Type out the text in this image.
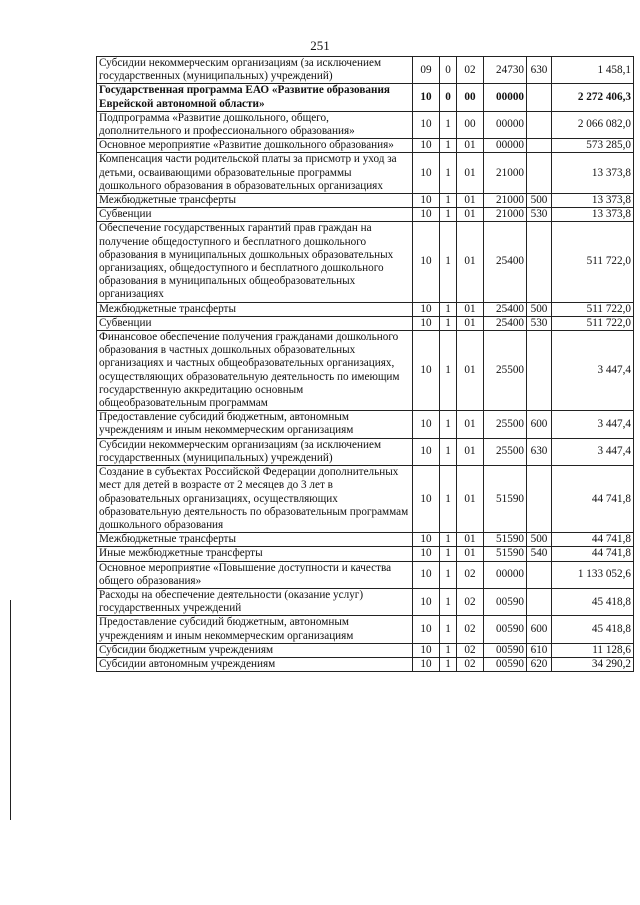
251
Субсидии некоммерческим организациям (за исключением государственных (муниципальных) учреждений)	09	0	02	24730	630	1 458,1
Государственная программа ЕАО «Развитие образования Еврейской автономной области»	10	0	00	00000		2 272 406,3
Подпрограмма «Развитие дошкольного, общего, дополнительного и профессионального образования»	10	1	00	00000		2 066 082,0
Основное мероприятие «Развитие дошкольного образования»	10	1	01	00000		573 285,0
Компенсация части родительской платы за присмотр и уход за детьми, осваивающими образовательные программы дошкольного образования в образовательных организациях	10	1	01	21000		13 373,8
Межбюджетные трансферты	10	1	01	21000	500	13 373,8
Субвенции	10	1	01	21000	530	13 373,8
Обеспечение государственных гарантий прав граждан на получение общедоступного и бесплатного дошкольного образования в муниципальных дошкольных образовательных организациях, общедоступного и бесплатного дошкольного образования в муниципальных общеобразовательных организациях	10	1	01	25400		511 722,0
Межбюджетные трансферты	10	1	01	25400	500	511 722,0
Субвенции	10	1	01	25400	530	511 722,0
Финансовое обеспечение получения гражданами дошкольного образования в частных дошкольных образовательных организациях и частных общеобразовательных организациях, осуществляющих образовательную деятельность по имеющим государственную аккредитацию основным общеобразовательным программам	10	1	01	25500		3 447,4
Предоставление субсидий бюджетным, автономным учреждениям и иным некоммерческим организациям	10	1	01	25500	600	3 447,4
Субсидии некоммерческим организациям (за исключением государственных (муниципальных) учреждений)	10	1	01	25500	630	3 447,4
Создание в субъектах Российской Федерации дополнительных мест для детей в возрасте от 2 месяцев до 3 лет в образовательных организациях, осуществляющих образовательную деятельность по образовательным программам дошкольного образования	10	1	01	51590		44 741,8
Межбюджетные трансферты	10	1	01	51590	500	44 741,8
Иные межбюджетные трансферты	10	1	01	51590	540	44 741,8
Основное мероприятие «Повышение доступности и качества общего образования»	10	1	02	00000		1 133 052,6
Расходы на обеспечение деятельности (оказание услуг) государственных учреждений	10	1	02	00590		45 418,8
Предоставление субсидий бюджетным, автономным учреждениям и иным некоммерческим организациям	10	1	02	00590	600	45 418,8
Субсидии бюджетным учреждениям	10	1	02	00590	610	11 128,6
Субсидии автономным учреждениям	10	1	02	00590	620	34 290,2
